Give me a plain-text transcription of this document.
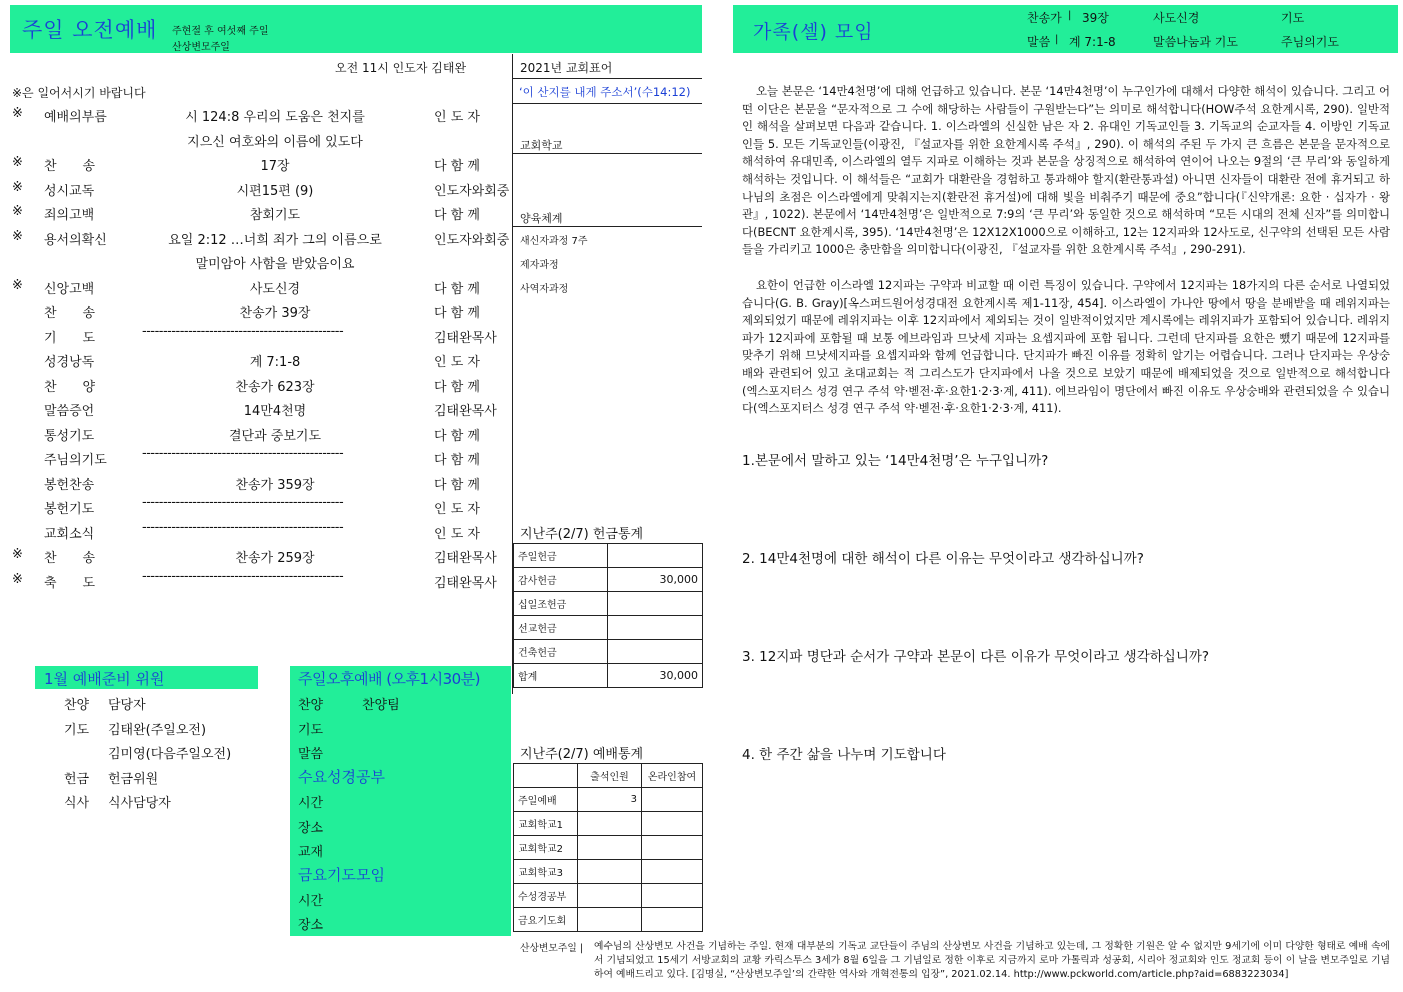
주일 오전예배 주현절 후 여섯째 주일
산상변모주일
가족(셀) 모임
찬송가 | 39장	사도신경	기도
말씀 | 계 7:1-8	말씀나눔과 기도	주님의기도
오전 11시 인도자 김태완
※은 일어서시기 바랍니다
※ 예배의부름	시 124:8 우리의 도움은 천지를	인 도 자
지으신 여호와의 이름에 있도다
※ 찬　　송	17장	다 함 께
※ 성시교독	시편15편 (9)	인도자와회중
※ 죄의고백	참회기도	다 함 께
※ 용서의확신	요일 2:12 …너희 죄가 그의 이름으로	인도자와회중
말미암아 사함을 받았음이요
※ 신앙고백	사도신경	다 함 께
찬　　송	찬송가 39장	다 함 께
기　　도	------------------------------------------------	김태완목사
성경낭독	계 7:1-8	인 도 자
찬　　양	찬송가 623장	다 함 께
말씀증언	14만4천명	김태완목사
통성기도	결단과 중보기도	다 함 께
주님의기도	------------------------------------------------	다 함 께
봉헌찬송	찬송가 359장	다 함 께
봉헌기도	------------------------------------------------	인 도 자
교회소식	------------------------------------------------	인 도 자
※ 찬　　송	찬송가 259장	김태완목사
※ 축　　도	------------------------------------------------	김태완목사
2021년 교회표어
‘이 산지를 내게 주소서’(수14:12)
교회학교
양육체계
새신자과정 7주
제자과정
사역자과정
지난주(2/7) 헌금통계
주일헌금	
감사헌금	30,000
십일조헌금	
선교헌금	
건축헌금	
합계	30,000
지난주(2/7) 예배통계
	출석인원	온라인참여
주일예배	3	
교회학교1		
교회학교2		
교회학교3		
수성경공부		
금요기도회		
1월 예배준비 위원
찬양 담당자
기도 김태완(주일오전)
김미영(다음주일오전)
헌금 헌금위원
식사 식사담당자
주일오후예배 (오후1시30분)
찬양	찬양팀
기도
말씀
수요성경공부
시간
장소
교재
금요기도모임
시간
장소
오늘 본문은 ‘14만4천명’에 대해 언급하고 있습니다. 본문 ‘14만4천명’이 누구인가에 대해서 다양한 해석이 있습니다. 그리고 어떤 이단은 본문을 “문자적으로 그 수에 해당하는 사람들이 구원받는다”는 의미로 해석합니다(HOW주석 요한계시록, 290). 일반적인 해석을 살펴보면 다음과 같습니다. 1. 이스라엘의 신실한 남은 자 2. 유대인 기독교인들 3. 기독교의 순교자들 4. 이방인 기독교인들 5. 모든 기독교인들(이광진, 『설교자를 위한 요한계시록 주석』, 290). 이 해석의 주된 두 가지 큰 흐름은 본문을 문자적으로 해석하여 유대민족, 이스라엘의 열두 지파로 이해하는 것과 본문을 상징적으로 해석하여 연이어 나오는 9절의 ‘큰 무리’와 동일하게 해석하는 것입니다. 이 해석들은 “교회가 대환란을 경험하고 통과해야 할지(환란통과설) 아니면 신자들이 대환란 전에 휴거되고 하나님의 초점은 이스라엘에게 맞춰지는지(환란전 휴거설)에 대해 빛을 비춰주기 때문에 중요”합니다(『신약개론: 요한 · 십자가 · 왕관』, 1022). 본문에서 ‘14만4천명’은 일반적으로 7:9의 ‘큰 무리’와 동일한 것으로 해석하며 “모든 시대의 전체 신자”를 의미합니다(BECNT 요한계시록, 395). ‘14만4천명’은 12X12X1000으로 이해하고, 12는 12지파와 12사도로, 신구약의 선택된 모든 사람들을 가리키고 1000은 충만함을 의미합니다(이광진, 『설교자를 위한 요한계시록 주석』, 290-291).
요한이 언급한 이스라엘 12지파는 구약과 비교할 때 이런 특징이 있습니다. 구약에서 12지파는 18가지의 다른 순서로 나열되었습니다(G. B. Gray)[옥스퍼드원어성경대전 요한계시록 제1-11장, 454]. 이스라엘이 가나안 땅에서 땅을 분배받을 때 레위지파는 제외되었기 때문에 레위지파는 이후 12지파에서 제외되는 것이 일반적이었지만 계시록에는 레위지파가 포함되어 있습니다. 레위지파가 12지파에 포함될 때 보통 에브라임과 므낫세 지파는 요셉지파에 포함 됩니다. 그런데 단지파를 요한은 뺐기 때문에 12지파를 맞추기 위해 므낫세지파를 요셉지파와 함께 언급합니다. 단지파가 빠진 이유를 정확히 알기는 어렵습니다. 그러나 단지파는 우상숭배와 관련되어 있고 초대교회는 적 그리스도가 단지파에서 나올 것으로 보았기 때문에 배제되었을 것으로 일반적으로 해석합니다(엑스포지터스 성경 연구 주석 약·벧전·후·요한1·2·3·계, 411). 에브라임이 명단에서 빠진 이유도 우상숭배와 관련되었을 수 있습니다(엑스포지터스 성경 연구 주석 약·벧전·후·요한1·2·3·계, 411).
1.본문에서 말하고 있는 ‘14만4천명’은 누구입니까?
2. 14만4천명에 대한 해석이 다른 이유는 무엇이라고 생각하십니까?
3. 12지파 명단과 순서가 구약과 본문이 다른 이유가 무엇이라고 생각하십니까?
4. 한 주간 삶을 나누며 기도합니다
산상변모주일 | 예수님의 산상변모 사건을 기념하는 주일. 현재 대부분의 기독교 교단들이 주님의 산상변모 사건을 기념하고 있는데, 그 정확한 기원은 알 수 없지만 9세기에 이미 다양한 형태로 예배 속에서 기념되었고 15세기 서방교회의 교황 카릭스투스 3세가 8월 6일을 그 기념일로 정한 이후로 지금까지 로마 가톨릭과 성공회, 시리아 정교회와 인도 정교회 등이 이 날을 변모주일로 기념하여 예배드리고 있다. [김명실, “산상변모주일’의 간략한 역사와 개혁전통의 입장”, 2021.02.14. http://www.pckworld.com/article.php?aid=6883223034]
